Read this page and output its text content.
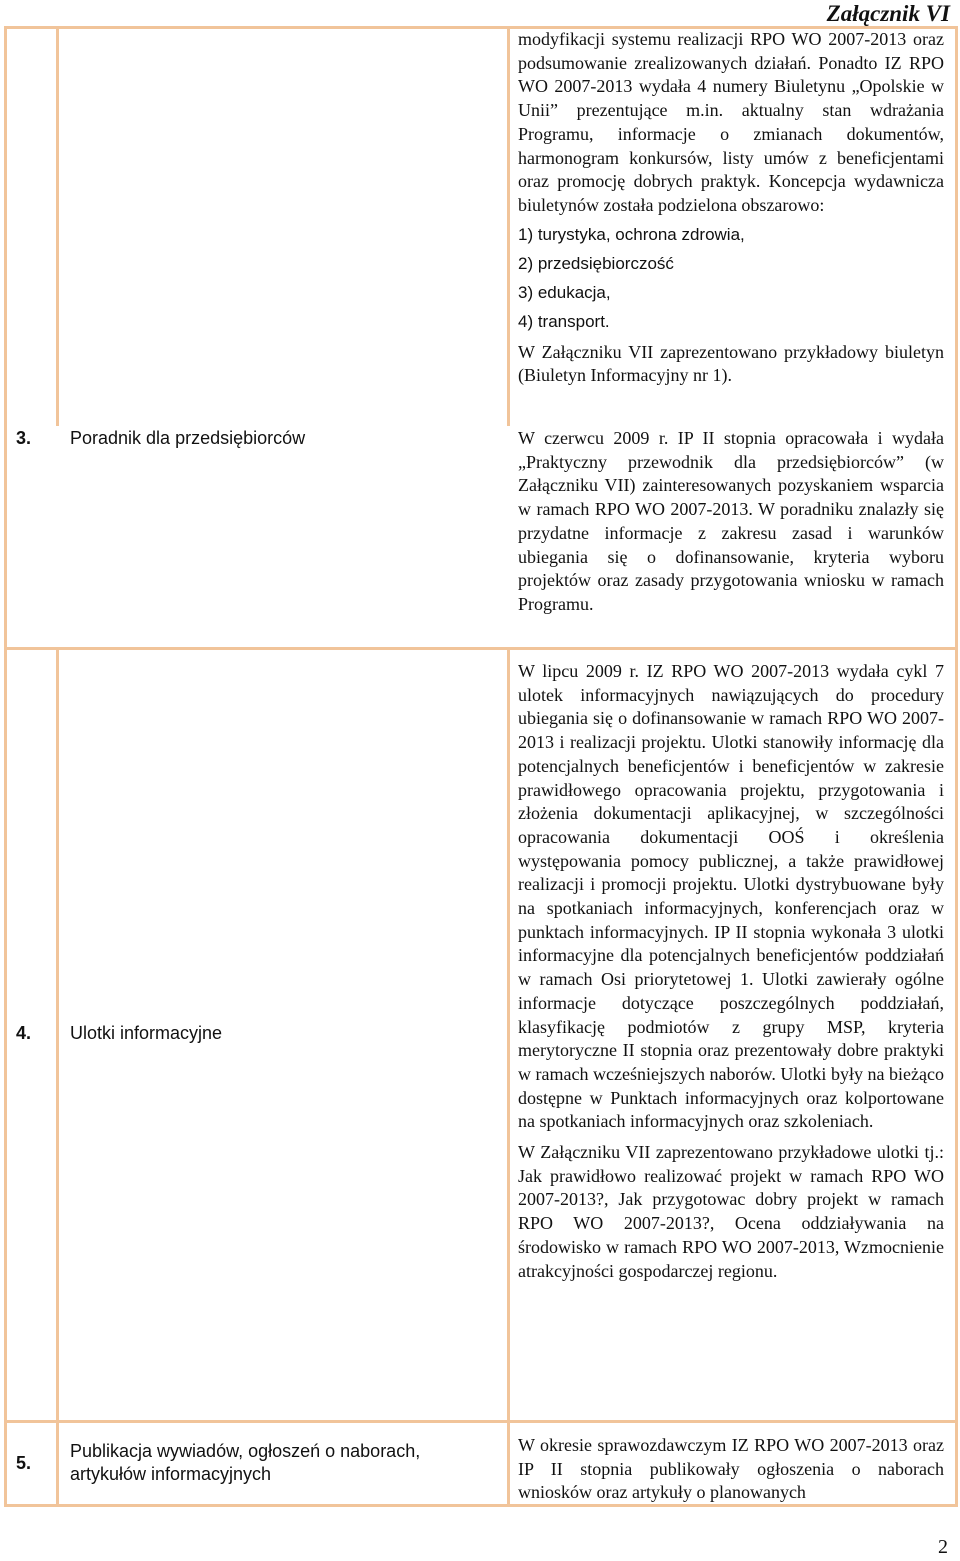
Załącznik VI

modyfikacji systemu realizacji RPO WO 2007-2013 oraz podsumowanie zrealizowanych działań. Ponadto IZ RPO WO 2007-2013 wydała 4 numery Biuletynu „Opolskie w Unii” prezentujące m.in. aktualny stan wdrażania Programu, informacje o zmianach dokumentów, harmonogram konkursów, listy umów z beneficjentami oraz promocję dobrych praktyk. Koncepcja wydawnicza biuletynów została podzielona obszarowo:

1) turystyka, ochrona zdrowia,

2) przedsiębiorczość

3) edukacja,

4) transport.

W Załączniku VII zaprezentowano przykładowy biuletyn (Biuletyn Informacyjny nr 1).

3. Poradnik dla przedsiębiorców	W czerwcu 2009 r. IP II stopnia opracowała i wydała „Praktyczny przewodnik dla przedsiębiorców” (w Załączniku VII) zainteresowanych pozyskaniem wsparcia w ramach RPO WO 2007-2013. W poradniku znalazły się przydatne informacje z zakresu zasad i warunków ubiegania się o dofinansowanie, kryteria wyboru projektów oraz zasady przygotowania wniosku w ramach Programu.

4. Ulotki informacyjne

W lipcu 2009 r. IZ RPO WO 2007-2013 wydała cykl 7 ulotek informacyjnych nawiązujących do procedury ubiegania się o dofinansowanie w ramach RPO WO 2007-2013 i realizacji projektu. Ulotki stanowiły informację dla potencjalnych beneficjentów i beneficjentów w zakresie prawidłowego opracowania projektu, przygotowania i złożenia dokumentacji aplikacyjnej, w szczególności opracowania dokumentacji OOŚ i określenia występowania pomocy publicznej, a także prawidłowej realizacji i promocji projektu. Ulotki dystrybuowane były na spotkaniach informacyjnych, konferencjach oraz w punktach informacyjnych. IP II stopnia wykonała 3 ulotki informacyjne dla potencjalnych beneficjentów poddziałań w ramach Osi priorytetowej 1. Ulotki zawierały ogólne informacje dotyczące poszczególnych poddziałań, klasyfikację podmiotów z grupy MSP, kryteria merytoryczne II stopnia oraz prezentowały dobre praktyki w ramach wcześniejszych naborów. Ulotki były na bieżąco dostępne w Punktach informacyjnych oraz kolportowane na spotkaniach informacyjnych oraz szkoleniach.

W Załączniku VII zaprezentowano przykładowe ulotki tj.: Jak prawidłowo realizować projekt w ramach RPO WO 2007-2013?, Jak przygotowac dobry projekt w ramach RPO WO 2007-2013?, Ocena oddziaływania na środowisko w ramach RPO WO 2007-2013, Wzmocnienie atrakcyjności gospodarczej regionu.

5.
Publikacja wywiadów, ogłoszeń o naborach, artykułów informacyjnych

W okresie sprawozdawczym IZ RPO WO 2007-2013 oraz IP II stopnia publikowały ogłoszenia o naborach wniosków oraz artykuły o planowanych

2
